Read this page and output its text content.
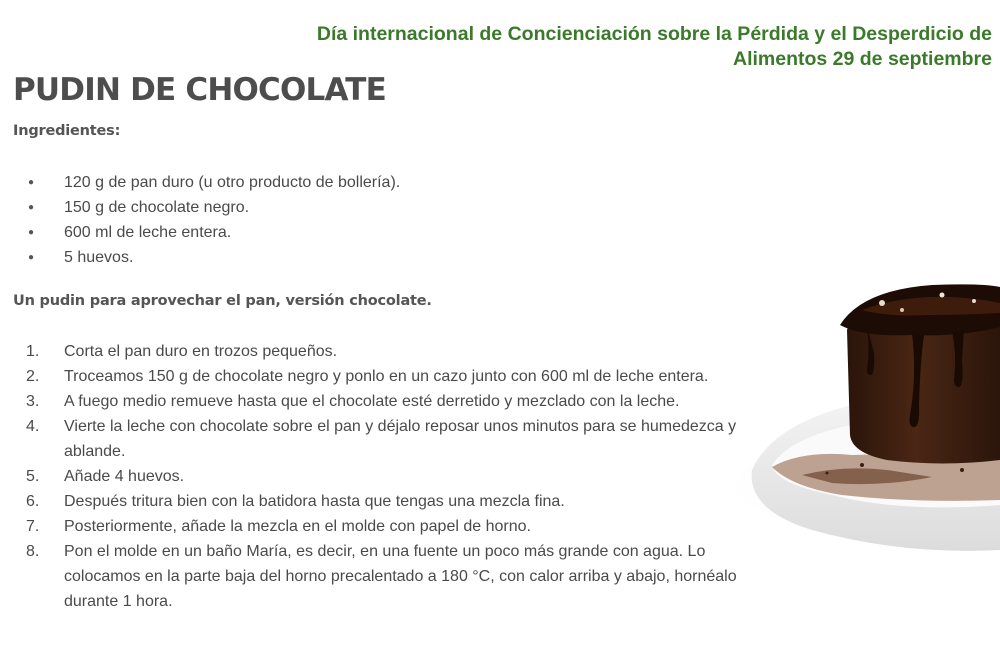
Día internacional de Concienciación sobre la Pérdida y el Desperdicio de Alimentos 29 de septiembre
PUDIN DE CHOCOLATE
Ingredientes:
● 120 g de pan duro (u otro producto de bollería).
● 150 g de chocolate negro.
● 600 ml de leche entera.
● 5 huevos.
Un pudin para aprovechar el pan, versión chocolate.
1. Corta el pan duro en trozos pequeños.
2. Troceamos 150 g de chocolate negro y ponlo en un cazo junto con 600 ml de leche entera.
3. A fuego medio remueve hasta que el chocolate esté derretido y mezclado con la leche.
4. Vierte la leche con chocolate sobre el pan y déjalo reposar unos minutos para se humedezca y ablande.
5. Añade 4 huevos.
6. Después tritura bien con la batidora hasta que tengas una mezcla fina.
7. Posteriormente, añade la mezcla en el molde con papel de horno.
8. Pon el molde en un baño María, es decir, en una fuente un poco más grande con agua. Lo colocamos en la parte baja del horno precalentado a 180 °C, con calor arriba y abajo, hornéalo durante 1 hora.
